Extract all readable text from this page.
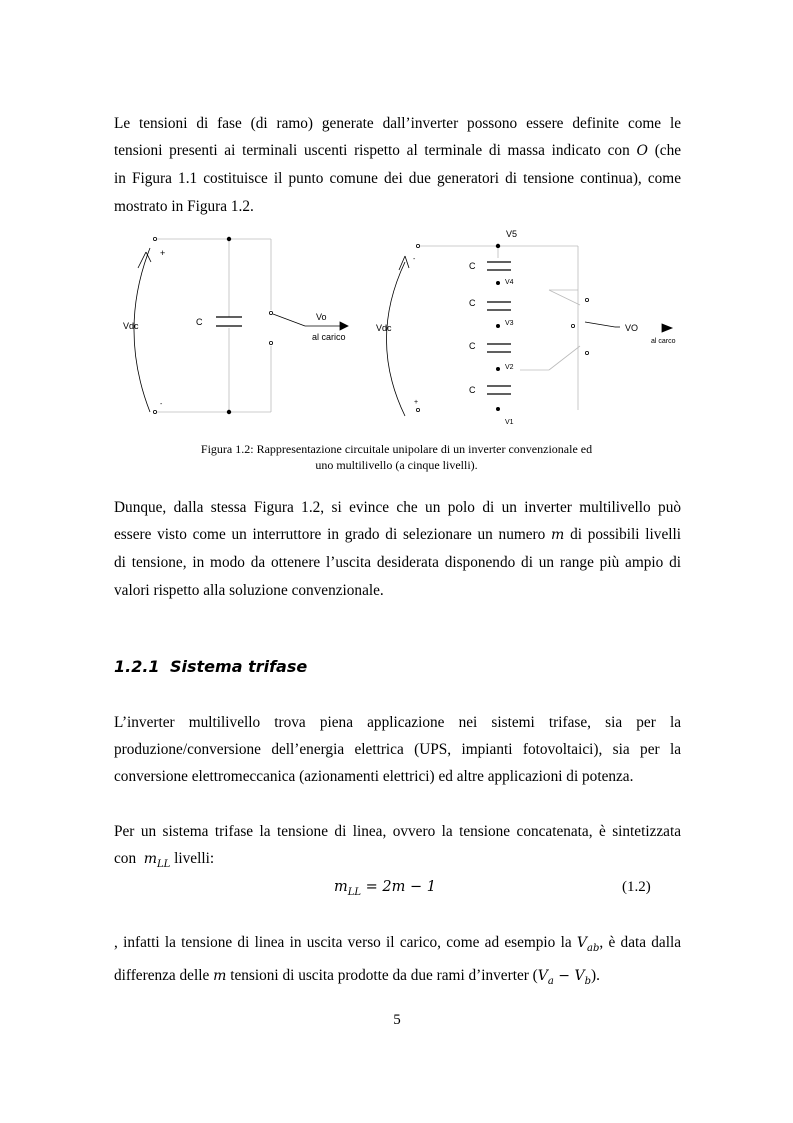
Le tensioni di fase (di ramo) generate dall’inverter possono essere definite come le
tensioni presenti ai terminali uscenti rispetto al terminale di massa indicato con O (che
in Figura 1.1 costituisce il punto comune dei due generatori di tensione continua), come
mostrato in Figura 1.2.
Vdc	C
+
-
Vo
al carico
Vdc
-
+
C
C
C
C
V5
V4
V3
V2
V1
VO
al carco
Figura 1.2: Rappresentazione circuitale unipolare di un inverter convenzionale ed
uno multilivello (a cinque livelli).
Dunque, dalla stessa Figura 1.2, si evince che un polo di un inverter multilivello può
essere visto come un interruttore in grado di selezionare un numero m di possibili livelli
di tensione, in modo da ottenere l’uscita desiderata disponendo di un range più ampio di
valori rispetto alla soluzione convenzionale.
1.2.1 Sistema trifase
L’inverter multilivello trova piena applicazione nei sistemi trifase, sia per la
produzione/conversione dell’energia elettrica (UPS, impianti fotovoltaici), sia per la
conversione elettromeccanica (azionamenti elettrici) ed altre applicazioni di potenza.
Per un sistema trifase la tensione di linea, ovvero la tensione concatenata, è sintetizzata
con $m_{LL}$ livelli:
$m_{LL} = 2m - 1$	(1.2)
, infatti la tensione di linea in uscita verso il carico, come ad esempio la $V_{ab}$, è data dalla
differenza delle m tensioni di uscita prodotte da due rami d’inverter $(V_a - V_b)$.
5
